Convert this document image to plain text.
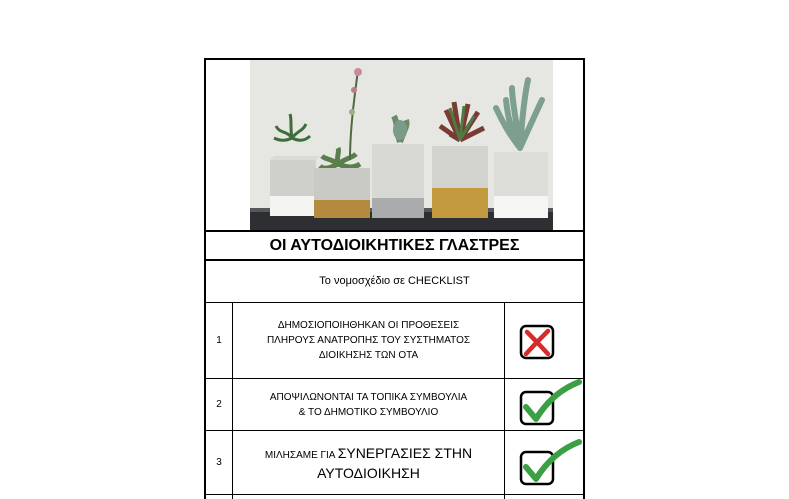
ΟΙ ΑΥΤΟΔΙΟΙΚΗΤΙΚΕΣ ΓΛΑΣΤΡΕΣ
Το νομοσχέδιο σε CHECKLIST
1
ΔΗΜΟΣΙΟΠΟΙΗΘΗΚΑΝ ΟΙ ΠΡΟΘΕΣΕΙΣ
ΠΛΗΡΟΥΣ ΑΝΑΤΡΟΠΗΣ ΤΟΥ ΣΥΣΤΗΜΑΤΟΣ
ΔΙΟΙΚΗΣΗΣ ΤΩΝ ΟΤΑ
2
ΑΠΟΨΙΛΩΝΟΝΤΑΙ ΤΑ ΤΟΠΙΚΑ ΣΥΜΒΟΥΛΙΑ
& ΤΟ ΔΗΜΟΤΙΚΟ ΣΥΜΒΟΥΛΙΟ
3
ΜΙΛΗΣΑΜΕ ΓΙΑ ΣΥΝΕΡΓΑΣΙΕΣ ΣΤΗΝ
ΑΥΤΟΔΙΟΙΚΗΣΗ
